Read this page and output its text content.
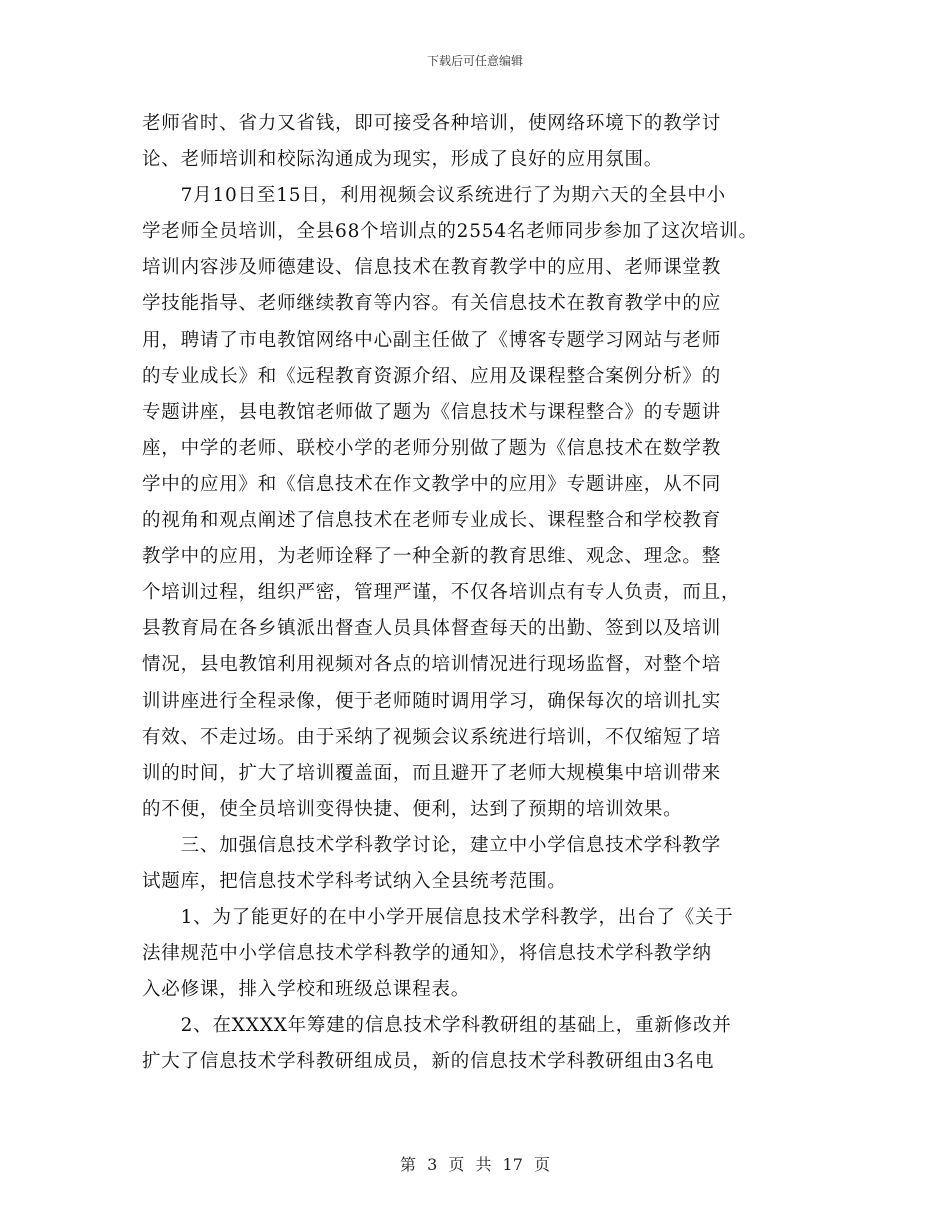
下载后可任意编辑
老师省时、省力又省钱，即可接受各种培训，使网络环境下的教学讨
论、老师培训和校际沟通成为现实，形成了良好的应用氛围。
　　7月10日至15日，利用视频会议系统进行了为期六天的全县中小
学老师全员培训，全县68个培训点的2554名老师同步参加了这次培训。
培训内容涉及师德建设、信息技术在教育教学中的应用、老师课堂教
学技能指导、老师继续教育等内容。有关信息技术在教育教学中的应
用，聘请了市电教馆网络中心副主任做了《博客专题学习网站与老师
的专业成长》和《远程教育资源介绍、应用及课程整合案例分析》的
专题讲座，县电教馆老师做了题为《信息技术与课程整合》的专题讲
座，中学的老师、联校小学的老师分别做了题为《信息技术在数学教
学中的应用》和《信息技术在作文教学中的应用》专题讲座，从不同
的视角和观点阐述了信息技术在老师专业成长、课程整合和学校教育
教学中的应用，为老师诠释了一种全新的教育思维、观念、理念。整
个培训过程，组织严密，管理严谨，不仅各培训点有专人负责，而且，
县教育局在各乡镇派出督查人员具体督查每天的出勤、签到以及培训
情况，县电教馆利用视频对各点的培训情况进行现场监督，对整个培
训讲座进行全程录像，便于老师随时调用学习，确保每次的培训扎实
有效、不走过场。由于采纳了视频会议系统进行培训，不仅缩短了培
训的时间，扩大了培训覆盖面，而且避开了老师大规模集中培训带来
的不便，使全员培训变得快捷、便利，达到了预期的培训效果。
　　三、加强信息技术学科教学讨论，建立中小学信息技术学科教学
试题库，把信息技术学科考试纳入全县统考范围。
　　1、为了能更好的在中小学开展信息技术学科教学，出台了《关于
法律规范中小学信息技术学科教学的通知》，将信息技术学科教学纳
入必修课，排入学校和班级总课程表。
　　2、在XXXX年筹建的信息技术学科教研组的基础上，重新修改并
扩大了信息技术学科教研组成员，新的信息技术学科教研组由3名电
第 3 页 共 17 页
